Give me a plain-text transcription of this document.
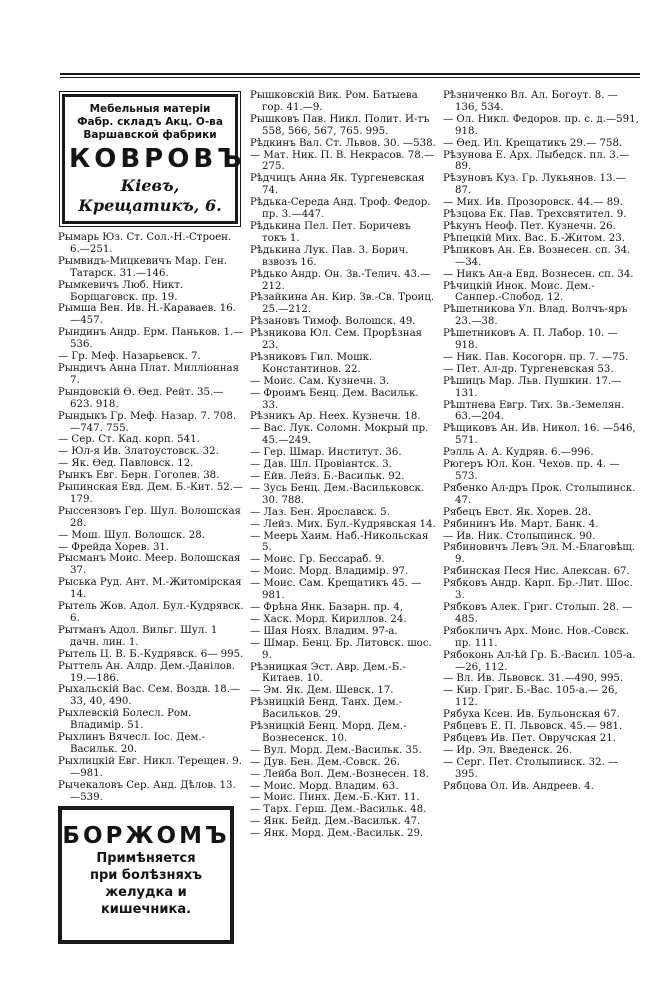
Мебельныя матеріи
Фабр. складъ Акц. О-ва
Варшавской фабрики
КОВРОВЪ
Кіевъ, Крещатикъ, 6.
Рымарь Юз. Ст. Сол.-Н.-Строен. 6.—251.
Рымвидъ-Мицкевичъ Мар. Ген. Татарск. 31.—146.
Рымкевичъ Люб. Никт. Борщаговск. пр. 19.
Рымша Вен. Ив. Н.-Караваев. 16.—457.
Рындинъ Андр. Ерм. Паньков. 1.—536.
— Гр. Меф. Назарьевск. 7.
Рындичъ Анна Плат. Милліонная 7.
Рындовскій Ѳ. Ѳед. Рейт. 35.— 623. 918.
Рындыкъ Гр. Меф. Назар. 7. 708.—747. 755.
— Сер. Ст. Кад. корп. 541.
— Юл-я Ив. Златоустовск. 32.
— Як. Ѳед. Павловск. 12.
Рынкъ Евг. Берн. Гоголев. 38.
Рыпинская Евд. Дем. Б.-Кит. 52.—179.
Рыссензовъ Гер. Шул. Волошская 28.
— Мош. Шул. Волошск. 28.
— Фрейда Хорев. 31.
Рысманъ Моис. Меер. Волошская 37.
Рыська Руд. Ант. М.-Житомірская 14.
Рытель Жов. Адол. Бул.-Кудрявск. 6.
Рытманъ Адол. Вильг. Шул. 1 дачн. лин. 1.
Рытель Ц. В. Б.-Кудрявск. 6— 995.
Рыттель Ан. Алдр. Дем.-Данілов. 19.—186.
Рыхальскій Вас. Сем. Воздв. 18.—33, 40, 490.
Рыхлевскій Болесл. Ром. Владимір. 51.
Рыхлинъ Вячесл. Іос. Дем.-Васильк. 20.
Рыхлицкій Евг. Никл. Терещен. 9.—981.
Рычекаловъ Сер. Анд. Дѣлов. 13.—539.
Рышковскій Вик. Ром. Батыева гор. 41.—9.
Рышковъ Пав. Никл. Полит. И-тъ 558, 566, 567, 765. 995.
Рѣдкинъ Вал. Ст. Львов. 30. —538.
— Мат. Ник. П. В. Некрасов. 78.—275.
Рѣдчицъ Анна Як. Тургеневская 74.
Рѣдька-Середа Анд. Троф. Федор. пр. 3.—447.
Рѣдькина Пел. Пет. Боричевъ токъ 1.
Рѣдькина Лук. Пав. 3. Борич. взвозъ 16.
Рѣдько Андр. Он. Зв.-Телич. 43.—212.
Рѣзайкина Ан. Кир. Зв.-Св. Троиц. 25.—212.
Рѣзановъ Тимоф. Волошск. 49.
Рѣзникова Юл. Сем. Прорѣзная 23.
Рѣзниковъ Гил. Мошк. Константинов. 22.
— Моис. Сам. Кузнечн. 3.
— Фроимъ Бенц. Дем. Васильк. 33.
Рѣзникъ Ар. Неех. Кузнечн. 18.
— Вас. Лук. Соломн. Мокрый пр. 45.—249.
— Гер. Шмар. Институт. 36.
— Дав. Шл. Провіантск. 3.
— Ейв. Лейз. Б.-Васильк. 92.
— Зусь Бенц. Дем.-Васильковск. 30. 788.
— Лаз. Бен. Ярославск. 5.
— Лейз. Мих. Бул.-Кудрявская 14.
— Меерь Хаим. Наб.-Никольская 5.
— Моис. Гр. Бессараб. 9.
— Моис. Морд. Владимір. 97.
— Моис. Сам. Крещатикъ 45. —981.
— Фрѣна Янк. Базарн. пр. 4,
— Хаск. Морд. Кириллов. 24.
— Шая Ноях. Владим. 97-а.
— Шмар. Бенц. Бр. Литовск. шос. 9.
Рѣзницкая Эст. Авр. Дем.-Б.-Китаев. 10.
— Эм. Як. Дем. Шевск. 17.
Рѣзницкій Бенд. Танх. Дем.-Васильков. 29.
Рѣзницкій Бенц. Морд. Дем.-Вознесенск. 10.
— Вул. Морд. Дем.-Васильк. 35.
— Дув. Бен. Дем.-Совск. 26.
— Лейба Вол. Дем.-Вознесен. 18.
— Моис. Морд. Владим. 63.
— Моис. Пинх. Дем.-Б.-Кит. 11.
— Тарх. Герш. Дем.-Васильк. 48.
— Янк. Бейд. Дем.-Васильк. 47.
— Янк. Морд. Дем.-Васильк. 29.
Рѣзниченко Вл. Ал. Богоут. 8. —136, 534.
— Ол. Никл. Федоров. пр. с. д.—591, 918.
— Ѳед. Ил. Крещатикъ 29.— 758.
Рѣзунова Е. Арх. Лыбедск. пл. 3.—89.
Рѣзуновъ Куз. Гр. Лукьянов. 13.—87.
— Мих. Ив. Прозоровск. 44.— 89.
Рѣзцова Ек. Пав. Трехсвятител. 9.
Рѣкунъ Неоф. Пет. Кузнечн. 26.
Рѣпецкій Мих. Вас. Б.-Житом. 23.
Рѣпиковъ Ан. Ев. Вознесен. сп. 34.—34.
— Никъ Ан-а Евд. Вознесен. сп. 34.
Рѣчицкій Инок. Моис. Дем.-Санпер.-Слобод. 12.
Рѣшетникова Ул. Влад. Волчъ-яръ 23.—38.
Рѣшетниковъ А. П. Лабор. 10. —918.
— Ник. Пав. Косогорн. пр. 7. —75.
— Пет. Ал-др. Тургеневская 53.
Рѣшицъ Мар. Льв. Пушкин. 17.—131.
Рѣштнева Евгр. Тих. Зв.-Земелян. 63.—204.
Рѣщиковъ Ан. Ив. Никол. 16. —546, 571.
Рэлль А. А. Кудряв. 6.—996.
Рюгеръ Юл. Кон. Чехов. пр. 4. —573.
Рябенко Ал-дръ Прок. Столыпинск. 47.
Рябецъ Евст. Як. Хорев. 28.
Рябининъ Ив. Март. Банк. 4.
— Ив. Ник. Столыпинск. 90.
Рябиновичъ Левъ Эл. М.-Благовѣщ. 9.
Рябинская Песя Нис. Алексан. 67.
Рябковъ Андр. Карп. Бр.-Лит. Шос. 3.
Рябковъ Алек. Григ. Столып. 28. —485.
Рябокличъ Арх. Моис. Нов.-Совск. пр. 111.
Рябоконь Ал-ѣй Гр. Б.-Васил. 105-а.—26, 112.
— Вл. Ив. Львовск. 31.—490, 995.
— Кир. Григ. Б.-Вас. 105-а.— 26, 112.
Рябуха Ксен. Ив. Бульонская 67.
Рябцевъ Е. П. Львовск. 45.— 981.
Рябцевъ Ив. Пет. Овручская 21.
— Ир. Эл. Введенск. 26.
— Серг. Пет. Столыпинск. 32. —395.
Рябцова Ол. Ив. Андреев. 4.
БОРЖОМЪ
Примѣняется
при болѣзняхъ
желудка и
кишечника.
